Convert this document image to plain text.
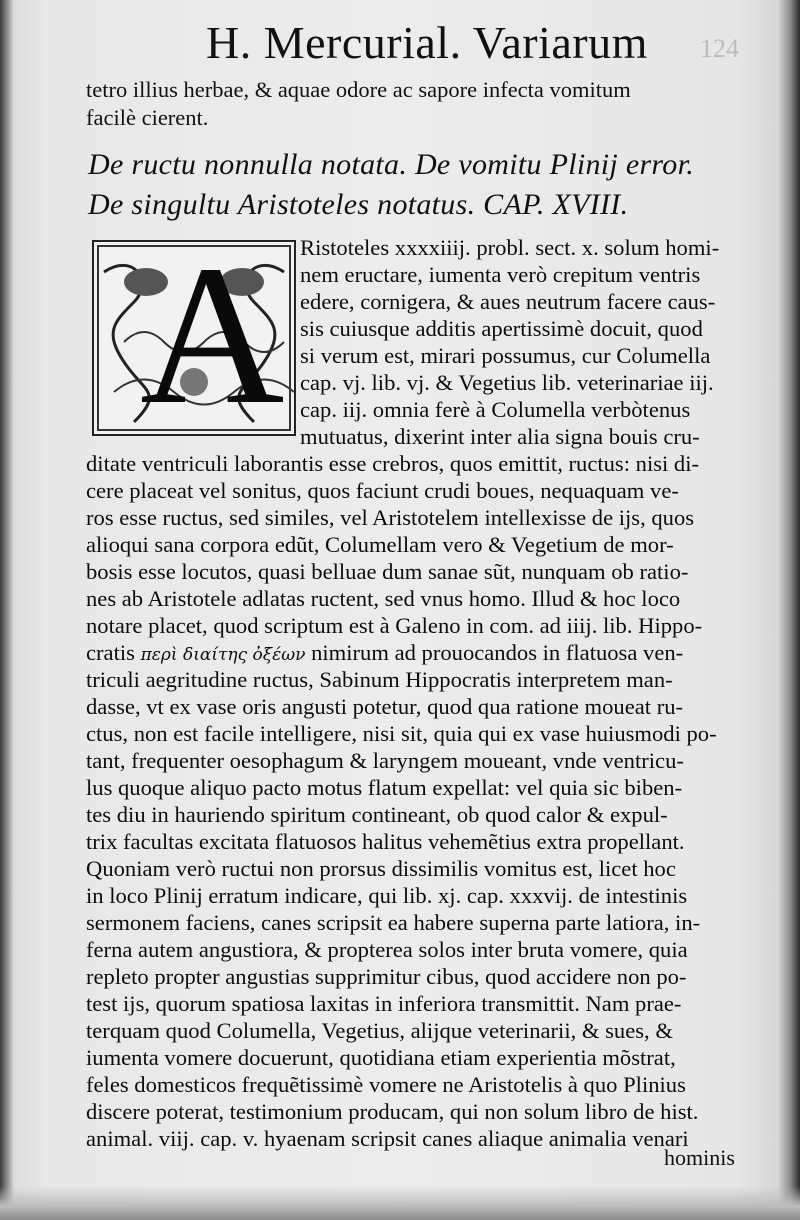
124
H. Mercurial. Variarum
tetro illius herbae, & aquae odore ac sapore infecta vomitum
facilè cierent.
De ructu nonnulla notata. De vomitu Plinij error.
De singultu Aristoteles notatus. CAP. XVIII.
A Ristoteles xxxxiiij. probl. sect. x. solum homi-
nem eructare, iumenta verò crepitum ventris
edere, cornigera, & aues neutrum facere caus-
sis cuiusque additis apertissimè docuit, quod
si verum est, mirari possumus, cur Columella
cap. vj. lib. vj. & Vegetius lib. veterinariae iij.
cap. iij. omnia ferè à Columella verbòtenus
mutuatus, dixerint inter alia signa bouis cru-
ditate ventriculi laborantis esse crebros, quos emittit, ructus: nisi di-
cere placeat vel sonitus, quos faciunt crudi boues, nequaquam ve-
ros esse ructus, sed similes, vel Aristotelem intellexisse de ijs, quos
alioqui sana corpora edũt, Columellam vero & Vegetium de mor-
bosis esse locutos, quasi belluae dum sanae sũt, nunquam ob ratio-
nes ab Aristotele adlatas ructent, sed vnus homo. Illud & hoc loco
notare placet, quod scriptum est à Galeno in com. ad iiij. lib. Hippo-
cratis περὶ διαίτης ὀξέων nimirum ad prouocandos in flatuosa ven-
triculi aegritudine ructus, Sabinum Hippocratis interpretem man-
dasse, vt ex vase oris angusti potetur, quod qua ratione moueat ru-
ctus, non est facile intelligere, nisi sit, quia qui ex vase huiusmodi po-
tant, frequenter oesophagum & laryngem moueant, vnde ventricu-
lus quoque aliquo pacto motus flatum expellat: vel quia sic biben-
tes diu in hauriendo spiritum contineant, ob quod calor & expul-
trix facultas excitata flatuosos halitus vehemẽtius extra propellant.
Quoniam verò ructui non prorsus dissimilis vomitus est, licet hoc
in loco Plinij erratum indicare, qui lib. xj. cap. xxxvij. de intestinis
sermonem faciens, canes scripsit ea habere superna parte latiora, in-
ferna autem angustiora, & propterea solos inter bruta vomere, quia
repleto propter angustias supprimitur cibus, quod accidere non po-
test ijs, quorum spatiosa laxitas in inferiora transmittit. Nam prae-
terquam quod Columella, Vegetius, alijque veterinarii, & sues, &
iumenta vomere docuerunt, quotidiana etiam experientia mõstrat,
feles domesticos frequẽtissimè vomere ne Aristotelis à quo Plinius
discere poterat, testimonium producam, qui non solum libro de hist.
animal. viij. cap. v. hyaenam scripsit canes aliaque animalia venari
hominis
